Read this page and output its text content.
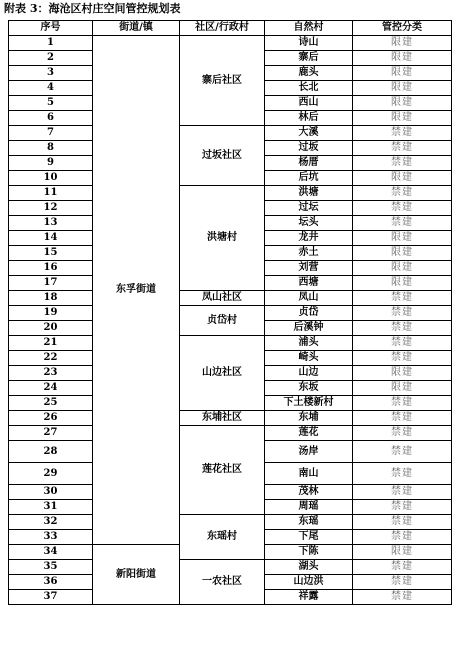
附表 3：海沧区村庄空间管控规划表
序号	街道/镇	社区/行政村	自然村	管控分类
1	东孚街道	寨后社区	诗山	限建
2			寨后	限建
3			鹿头	限建
4			长北	限建
5			西山	限建
6			林后	限建
7		过坂社区	大溪	禁建
8			过坂	禁建
9			杨厝	禁建
10			后坑	限建
11		洪塘村	洪塘	禁建
12			过坛	禁建
13			坛头	禁建
14			龙井	限建
15			赤土	限建
16			刘营	限建
17			西塘	限建
18		凤山社区	凤山	禁建
19		贞岱村	贞岱	禁建
20			后溪钟	禁建
21		山边社区	浦头	禁建
22			崎头	禁建
23			山边	限建
24			东坂	限建
25			下土楼新村	禁建
26		东埔社区	东埔	禁建
27		莲花社区	莲花	禁建
28			汤岸	禁建
29			南山	禁建
30			茂林	禁建
31			周瑶	禁建
32		东瑶村	东瑶	禁建
33			下尾	禁建
34	新阳街道		下陈	限建
35		一农社区	湖头	禁建
36			山边洪	禁建
37			祥露	禁建
